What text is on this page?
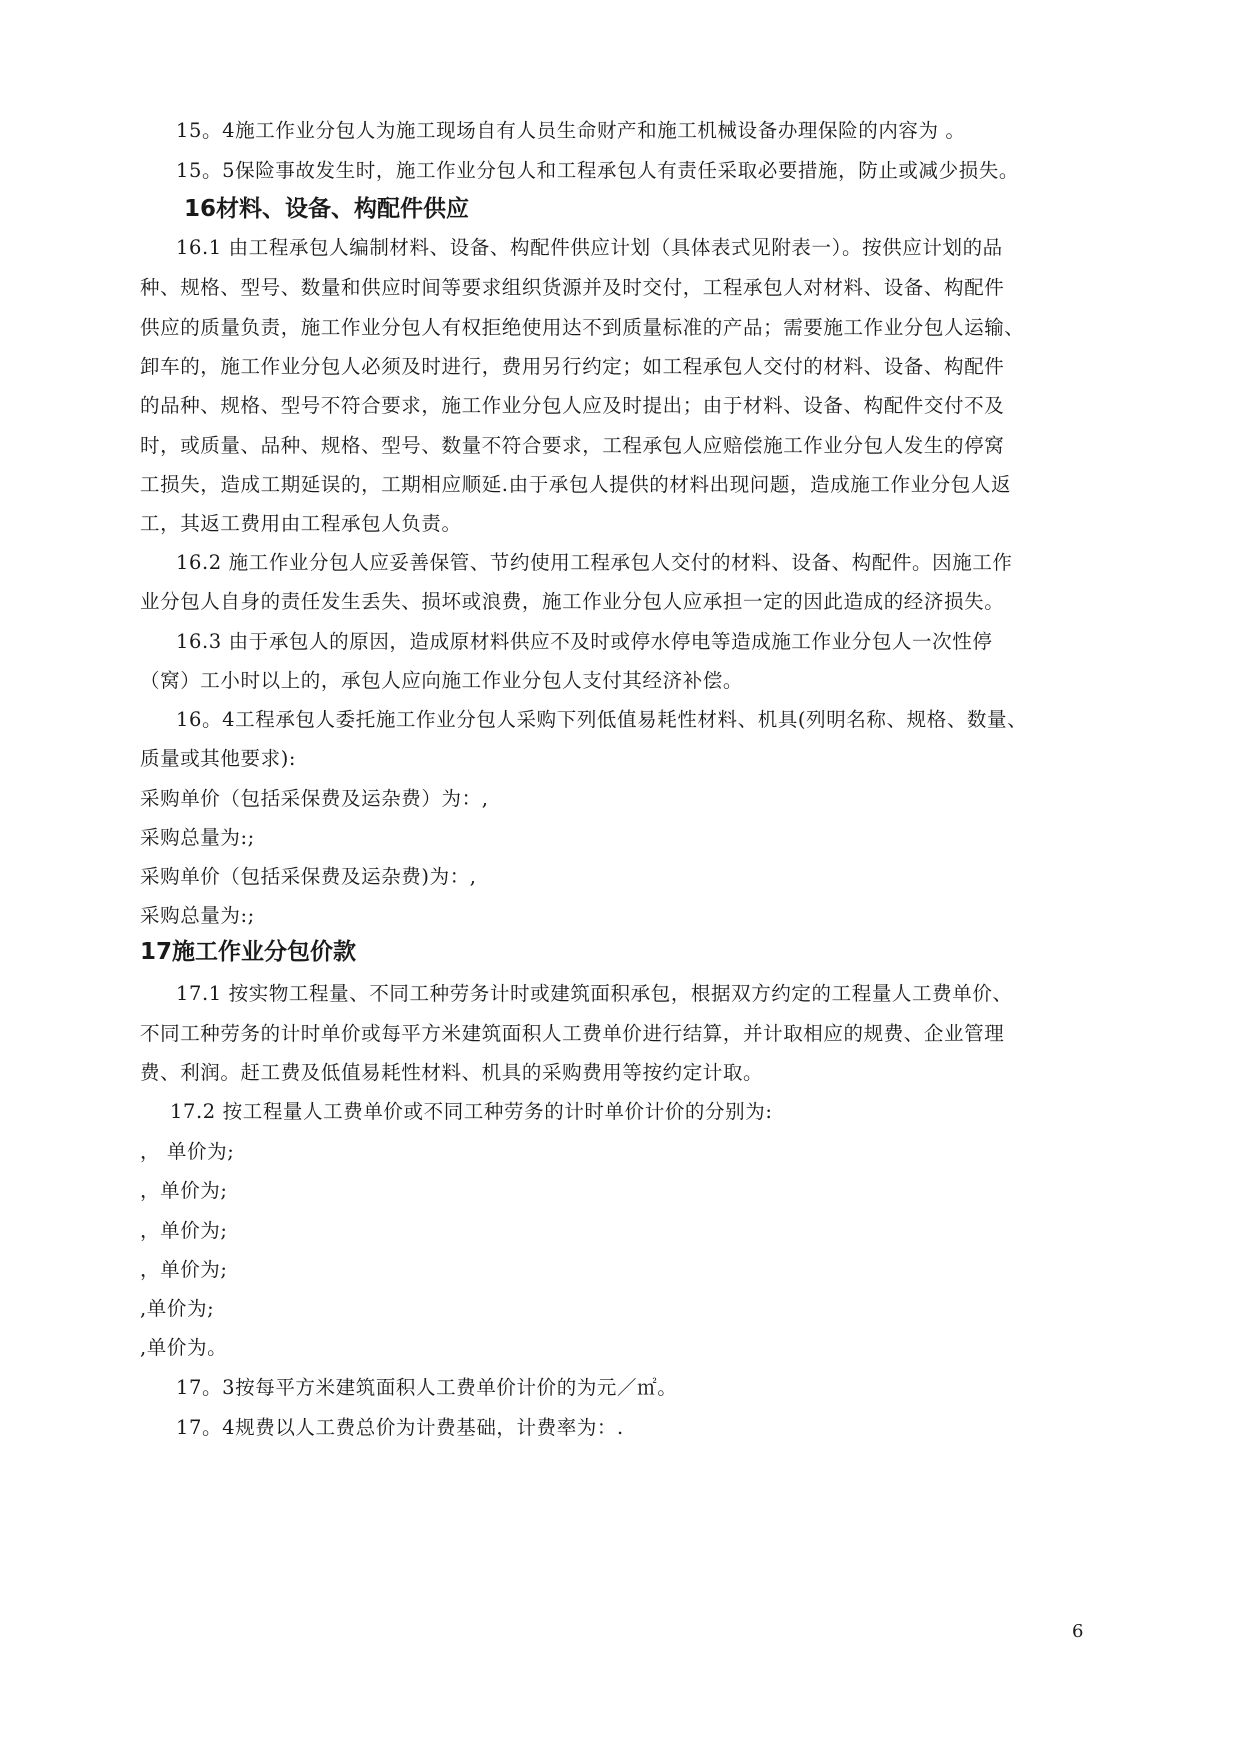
15。4施工作业分包人为施工现场自有人员生命财产和施工机械设备办理保险的内容为 。
15。5保险事故发生时，施工作业分包人和工程承包人有责任采取必要措施，防止或减少损失。
16材料、设备、构配件供应
16.1 由工程承包人编制材料、设备、构配件供应计划（具体表式见附表一）。按供应计划的品
种、规格、型号、数量和供应时间等要求组织货源并及时交付，工程承包人对材料、设备、构配件
供应的质量负责，施工作业分包人有权拒绝使用达不到质量标准的产品；需要施工作业分包人运输、
卸车的，施工作业分包人必须及时进行，费用另行约定；如工程承包人交付的材料、设备、构配件
的品种、规格、型号不符合要求，施工作业分包人应及时提出；由于材料、设备、构配件交付不及
时，或质量、品种、规格、型号、数量不符合要求，工程承包人应赔偿施工作业分包人发生的停窝
工损失，造成工期延误的，工期相应顺延.由于承包人提供的材料出现问题，造成施工作业分包人返
工，其返工费用由工程承包人负责。
16.2 施工作业分包人应妥善保管、节约使用工程承包人交付的材料、设备、构配件。因施工作
业分包人自身的责任发生丢失、损坏或浪费，施工作业分包人应承担一定的因此造成的经济损失。
16.3 由于承包人的原因，造成原材料供应不及时或停水停电等造成施工作业分包人一次性停
（窝）工小时以上的，承包人应向施工作业分包人支付其经济补偿。
16。4工程承包人委托施工作业分包人采购下列低值易耗性材料、机具(列明名称、规格、数量、
质量或其他要求):
采购单价（包括采保费及运杂费）为：,
采购总量为:;
采购单价（包括采保费及运杂费)为：,
采购总量为:;
17施工作业分包价款
17.1 按实物工程量、不同工种劳务计时或建筑面积承包，根据双方约定的工程量人工费单价、
不同工种劳务的计时单价或每平方米建筑面积人工费单价进行结算，并计取相应的规费、企业管理
费、利润。赶工费及低值易耗性材料、机具的采购费用等按约定计取。
17.2 按工程量人工费单价或不同工种劳务的计时单价计价的分别为:
， 单价为;
，单价为;
，单价为;
，单价为;
,单价为;
,单价为。
17。3按每平方米建筑面积人工费单价计价的为元／㎡。
17。4规费以人工费总价为计费基础，计费率为：.
6
